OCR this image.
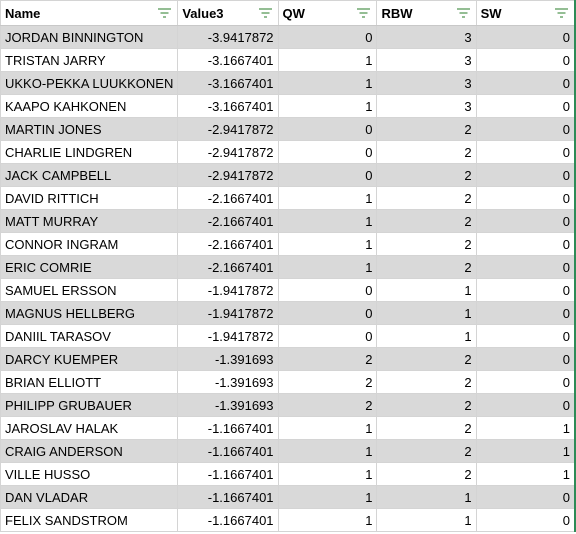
Name	Value3	QW	RBW	SW

JORDAN BINNINGTON	-3.9417872	0	3	0
TRISTAN JARRY	-3.1667401	1	3	0
UKKO-PEKKA LUUKKONEN	-3.1667401	1	3	0
KAAPO KAHKONEN	-3.1667401	1	3	0
MARTIN JONES	-2.9417872	0	2	0
CHARLIE LINDGREN	-2.9417872	0	2	0
JACK CAMPBELL	-2.9417872	0	2	0
DAVID RITTICH	-2.1667401	1	2	0
MATT MURRAY	-2.1667401	1	2	0
CONNOR INGRAM	-2.1667401	1	2	0
ERIC COMRIE	-2.1667401	1	2	0
SAMUEL ERSSON	-1.9417872	0	1	0
MAGNUS HELLBERG	-1.9417872	0	1	0
DANIIL TARASOV	-1.9417872	0	1	0
DARCY KUEMPER	-1.391693	2	2	0
BRIAN ELLIOTT	-1.391693	2	2	0
PHILIPP GRUBAUER	-1.391693	2	2	0
JAROSLAV HALAK	-1.1667401	1	2	1
CRAIG ANDERSON	-1.1667401	1	2	1
VILLE HUSSO	-1.1667401	1	2	1
DAN VLADAR	-1.1667401	1	1	0
FELIX SANDSTROM	-1.1667401	1	1	0
